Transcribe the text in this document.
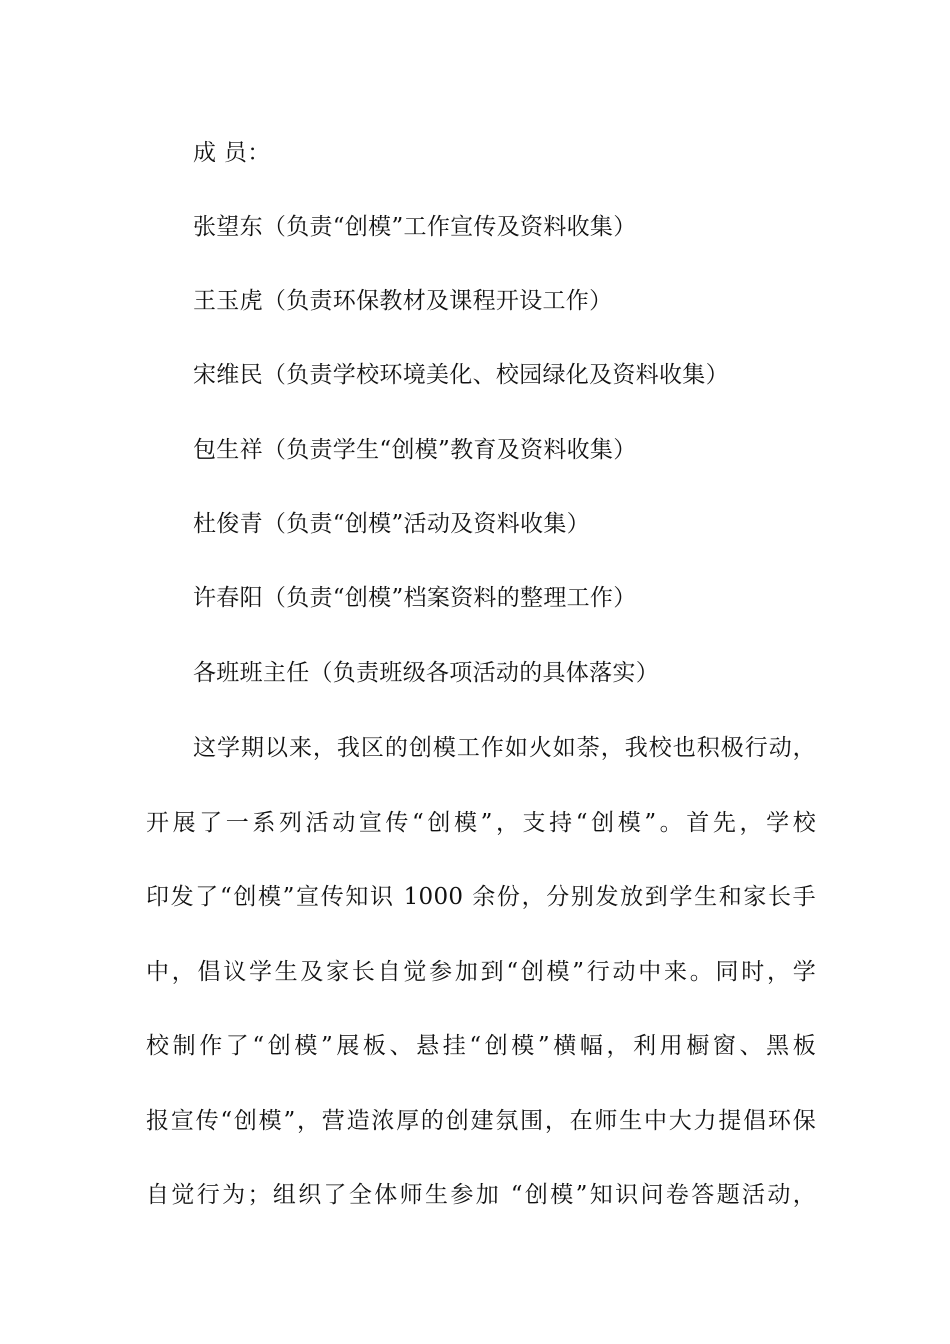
成 员：
张望东（负责“创模”工作宣传及资料收集）
王玉虎（负责环保教材及课程开设工作）
宋维民（负责学校环境美化、校园绿化及资料收集）
包生祥（负责学生“创模”教育及资料收集）
杜俊青（负责“创模”活动及资料收集）
许春阳（负责“创模”档案资料的整理工作）
各班班主任（负责班级各项活动的具体落实）
这学期以来，我区的创模工作如火如荼，我校也积极行动，
开展了一系列活动宣传“创模”，支持“创模”。首先，学校
印发了“创模”宣传知识 1000 余份，分别发放到学生和家长手
中，倡议学生及家长自觉参加到“创模”行动中来。同时，学
校制作了“创模”展板、悬挂“创模”横幅，利用橱窗、黑板
报宣传“创模”，营造浓厚的创建氛围，在师生中大力提倡环保
自觉行为；组织了全体师生参加 “创模”知识问卷答题活动，
